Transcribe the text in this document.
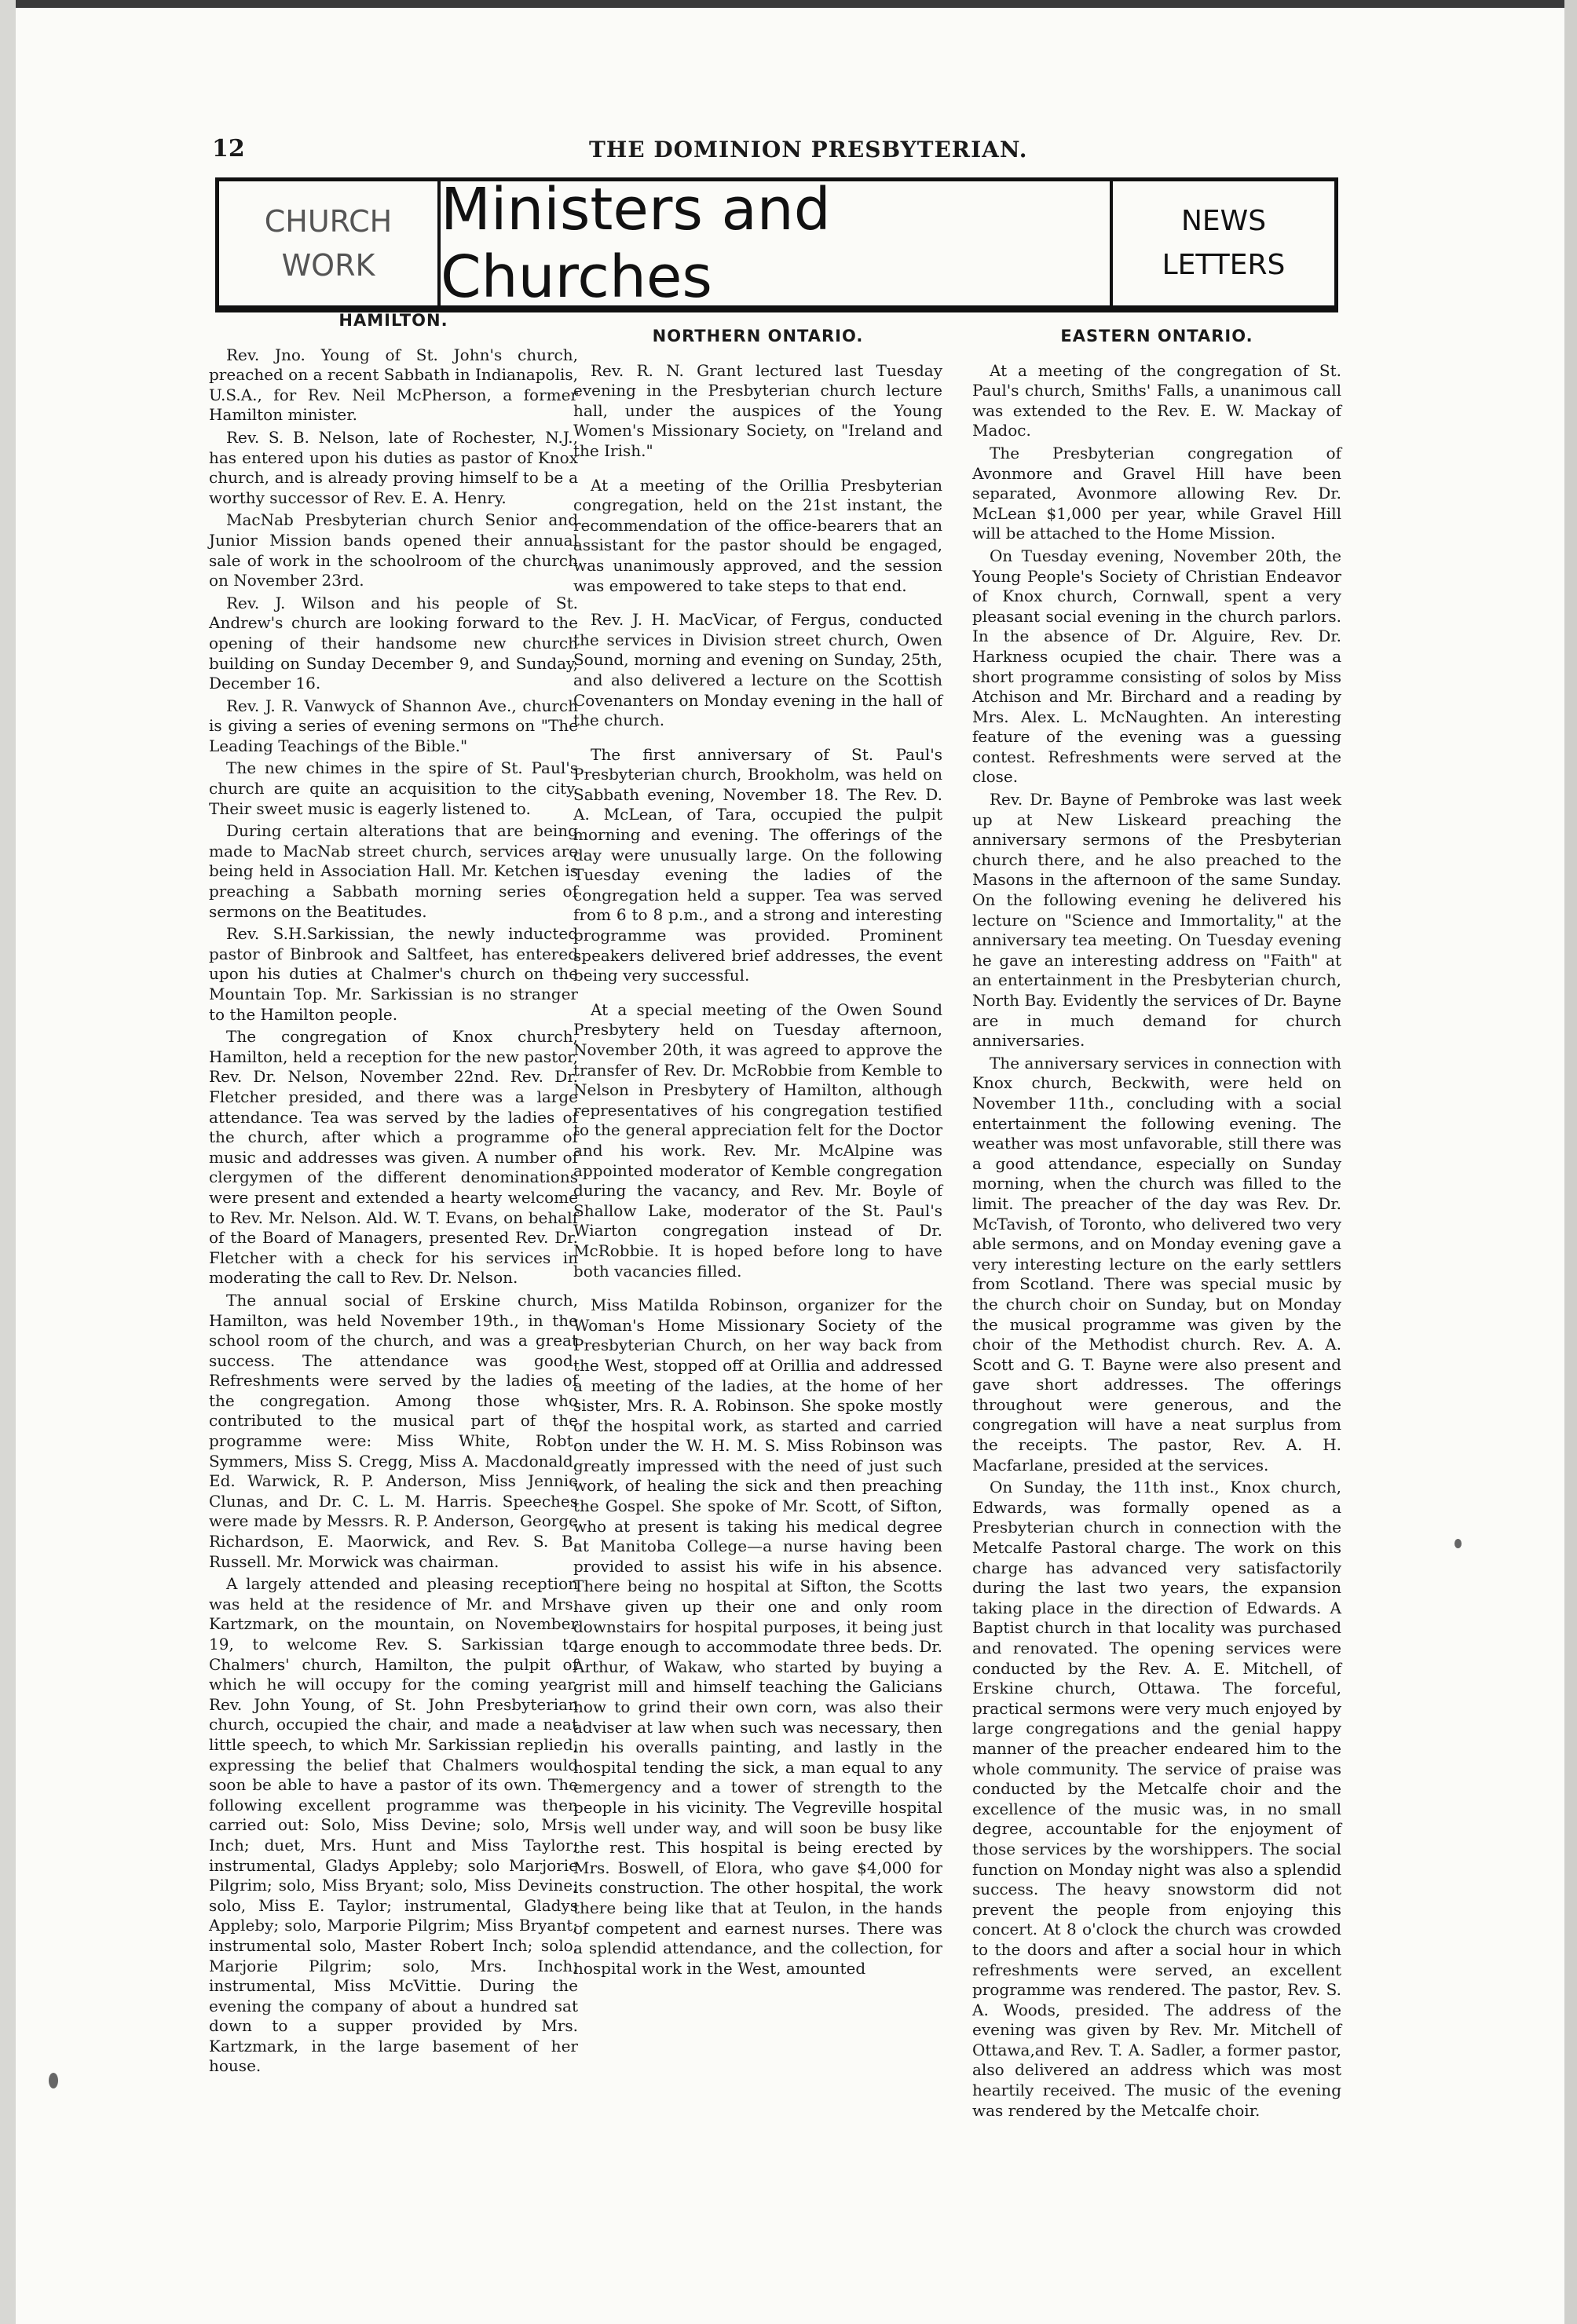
12	THE DOMINION PRESBYTERIAN.
CHURCH
WORK
Ministers and Churches
NEWS
LETTERS
HAMILTON.

Rev. Jno. Young of St. John's church, preached on a recent Sabbath in Indianapolis, U.S.A., for Rev. Neil McPherson, a former Hamilton minister.

Rev. S. B. Nelson, late of Rochester, N.J., has entered upon his duties as pastor of Knox church, and is already proving himself to be a worthy successor of Rev. E. A. Henry.

MacNab Presbyterian church Senior and Junior Mission bands opened their annual sale of work in the schoolroom of the church on November 23rd.

Rev. J. Wilson and his people of St. Andrew's church are looking forward to the opening of their handsome new church building on Sunday December 9, and Sunday, December 16.

Rev. J. R. Vanwyck of Shannon Ave., church is giving a series of evening sermons on "The Leading Teachings of the Bible."

The new chimes in the spire of St. Paul's church are quite an acquisition to the city. Their sweet music is eagerly listened to.

During certain alterations that are being made to MacNab street church, services are being held in Association Hall. Mr. Ketchen is preaching a Sabbath morning series of sermons on the Beatitudes.

Rev. S.H.Sarkissian, the newly inducted pastor of Binbrook and Saltfeet, has entered upon his duties at Chalmer's church on the Mountain Top. Mr. Sarkissian is no stranger to the Hamilton people.

The congregation of Knox church, Hamilton, held a reception for the new pastor, Rev. Dr. Nelson, November 22nd. Rev. Dr. Fletcher presided, and there was a large attendance. Tea was served by the ladies of the church, after which a programme of music and addresses was given. A number of clergymen of the different denominations were present and extended a hearty welcome to Rev. Mr. Nelson. Ald. W. T. Evans, on behalf of the Board of Managers, presented Rev. Dr. Fletcher with a check for his services in moderating the call to Rev. Dr. Nelson.

The annual social of Erskine church, Hamilton, was held November 19th., in the school room of the church, and was a great success. The attendance was good. Refreshments were served by the ladies of the congregation. Among those who contributed to the musical part of the programme were: Miss White, Robt. Symmers, Miss S. Cregg, Miss A. Macdonald, Ed. Warwick, R. P. Anderson, Miss Jennie Clunas, and Dr. C. L. M. Harris. Speeches were made by Messrs. R. P. Anderson, George Richardson, E. Maorwick, and Rev. S. B. Russell. Mr. Morwick was chairman.

A largely attended and pleasing reception was held at the residence of Mr. and Mrs. Kartzmark, on the mountain, on November 19, to welcome Rev. S. Sarkissian to Chalmers' church, Hamilton, the pulpit of which he will occupy for the coming year. Rev. John Young, of St. John Presbyterian church, occupied the chair, and made a neat little speech, to which Mr. Sarkissian replied, expressing the belief that Chalmers would soon be able to have a pastor of its own. The following excellent programme was then carried out: Solo, Miss Devine; solo, Mrs. Inch; duet, Mrs. Hunt and Miss Taylor; instrumental, Gladys Appleby; solo Marjorie Pilgrim; solo, Miss Bryant; solo, Miss Devine; solo, Miss E. Taylor; instrumental, Gladys Appleby; solo, Marporie Pilgrim; Miss Bryant; instrumental solo, Master Robert Inch; solo, Marjorie Pilgrim; solo, Mrs. Inch; instrumental, Miss McVittie. During the evening the company of about a hundred sat down to a supper provided by Mrs. Kartzmark, in the large basement of her house.

NORTHERN ONTARIO.

Rev. R. N. Grant lectured last Tuesday evening in the Presbyterian church lecture hall, under the auspices of the Young Women's Missionary Society, on "Ireland and the Irish."

At a meeting of the Orillia Presbyterian congregation, held on the 21st instant, the recommendation of the office-bearers that an assistant for the pastor should be engaged, was unanimously approved, and the session was empowered to take steps to that end.

Rev. J. H. MacVicar, of Fergus, conducted the services in Division street church, Owen Sound, morning and evening on Sunday, 25th, and also delivered a lecture on the Scottish Covenanters on Monday evening in the hall of the church.

The first anniversary of St. Paul's Presbyterian church, Brookholm, was held on Sabbath evening, November 18. The Rev. D. A. McLean, of Tara, occupied the pulpit morning and evening. The offerings of the day were unusually large. On the following Tuesday evening the ladies of the congregation held a supper. Tea was served from 6 to 8 p.m., and a strong and interesting programme was provided. Prominent speakers delivered brief addresses, the event being very successful.

At a special meeting of the Owen Sound Presbytery held on Tuesday afternoon, November 20th, it was agreed to approve the transfer of Rev. Dr. McRobbie from Kemble to Nelson in Presbytery of Hamilton, although representatives of his congregation testified to the general appreciation felt for the Doctor and his work. Rev. Mr. McAlpine was appointed moderator of Kemble congregation during the vacancy, and Rev. Mr. Boyle of Shallow Lake, moderator of the St. Paul's Wiarton congregation instead of Dr. McRobbie. It is hoped before long to have both vacancies filled.

Miss Matilda Robinson, organizer for the Woman's Home Missionary Society of the Presbyterian Church, on her way back from the West, stopped off at Orillia and addressed a meeting of the ladies, at the home of her sister, Mrs. R. A. Robinson. She spoke mostly of the hospital work, as started and carried on under the W. H. M. S. Miss Robinson was greatly impressed with the need of just such work, of healing the sick and then preaching the Gospel. She spoke of Mr. Scott, of Sifton, who at present is taking his medical degree at Manitoba College—a nurse having been provided to assist his wife in his absence. There being no hospital at Sifton, the Scotts have given up their one and only room downstairs for hospital purposes, it being just large enough to accommodate three beds. Dr. Arthur, of Wakaw, who started by buying a grist mill and himself teaching the Galicians how to grind their own corn, was also their adviser at law when such was necessary, then in his overalls painting, and lastly in the hospital tending the sick, a man equal to any emergency and a tower of strength to the people in his vicinity. The Vegreville hospital is well under way, and will soon be busy like the rest. This hospital is being erected by Mrs. Boswell, of Elora, who gave $4,000 for its construction. The other hospital, the work there being like that at Teulon, in the hands of competent and earnest nurses. There was a splendid attendance, and the collection, for hospital work in the West, amounted

EASTERN ONTARIO.

At a meeting of the congregation of St. Paul's church, Smiths' Falls, a unanimous call was extended to the Rev. E. W. Mackay of Madoc.

The Presbyterian congregation of Avonmore and Gravel Hill have been separated, Avonmore allowing Rev. Dr. McLean $1,000 per year, while Gravel Hill will be attached to the Home Mission.

On Tuesday evening, November 20th, the Young People's Society of Christian Endeavor of Knox church, Cornwall, spent a very pleasant social evening in the church parlors. In the absence of Dr. Alguire, Rev. Dr. Harkness ocupied the chair. There was a short programme consisting of solos by Miss Atchison and Mr. Birchard and a reading by Mrs. Alex. L. McNaughten. An interesting feature of the evening was a guessing contest. Refreshments were served at the close.

Rev. Dr. Bayne of Pembroke was last week up at New Liskeard preaching the anniversary sermons of the Presbyterian church there, and he also preached to the Masons in the afternoon of the same Sunday. On the following evening he delivered his lecture on "Science and Immortality," at the anniversary tea meeting. On Tuesday evening he gave an interesting address on "Faith" at an entertainment in the Presbyterian church, North Bay. Evidently the services of Dr. Bayne are in much demand for church anniversaries.

The anniversary services in connection with Knox church, Beckwith, were held on November 11th., concluding with a social entertainment the following evening. The weather was most unfavorable, still there was a good attendance, especially on Sunday morning, when the church was filled to the limit. The preacher of the day was Rev. Dr. McTavish, of Toronto, who delivered two very able sermons, and on Monday evening gave a very interesting lecture on the early settlers from Scotland. There was special music by the church choir on Sunday, but on Monday the musical programme was given by the choir of the Methodist church. Rev. A. A. Scott and G. T. Bayne were also present and gave short addresses. The offerings throughout were generous, and the congregation will have a neat surplus from the receipts. The pastor, Rev. A. H. Macfarlane, presided at the services.

On Sunday, the 11th inst., Knox church, Edwards, was formally opened as a Presbyterian church in connection with the Metcalfe Pastoral charge. The work on this charge has advanced very satisfactorily during the last two years, the expansion taking place in the direction of Edwards. A Baptist church in that locality was purchased and renovated. The opening services were conducted by the Rev. A. E. Mitchell, of Erskine church, Ottawa. The forceful, practical sermons were very much enjoyed by large congregations and the genial happy manner of the preacher endeared him to the whole community. The service of praise was conducted by the Metcalfe choir and the excellence of the music was, in no small degree, accountable for the enjoyment of those services by the worshippers. The social function on Monday night was also a splendid success. The heavy snowstorm did not prevent the people from enjoying this concert. At 8 o'clock the church was crowded to the doors and after a social hour in which refreshments were served, an excellent programme was rendered. The pastor, Rev. S. A. Woods, presided. The address of the evening was given by Rev. Mr. Mitchell of Ottawa,and Rev. T. A. Sadler, a former pastor, also delivered an address which was most heartily received. The music of the evening was rendered by the Metcalfe choir.
